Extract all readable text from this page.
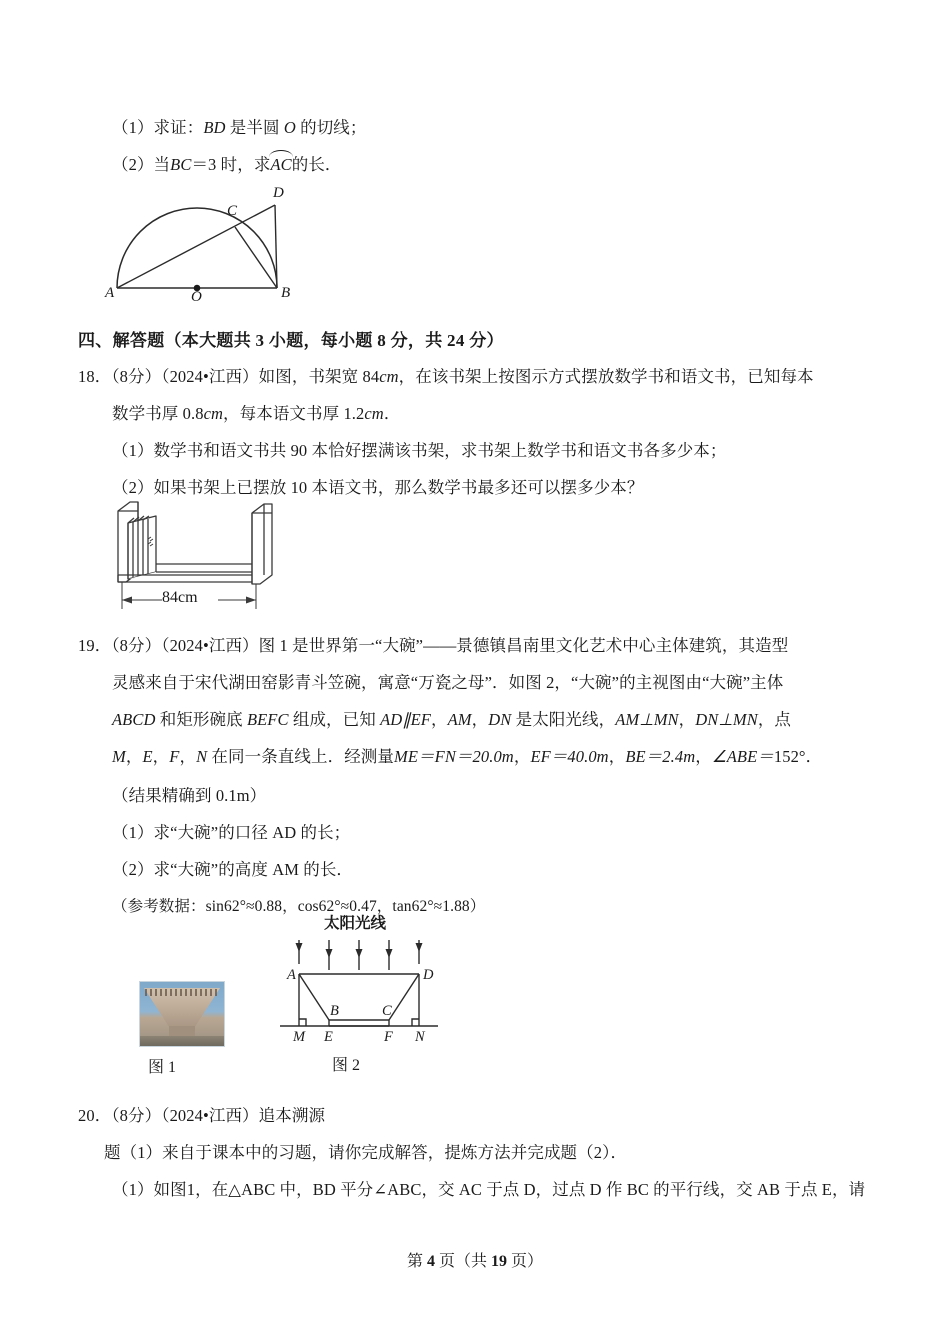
（1）求证：BD 是半圆 O 的切线；
（2）当BC＝3 时，求
AC的长．
A	O	B
C
D
四、解答题（本大题共 3 小题，每小题 8 分，共 24 分）
18．（8分）（2024•江西）如图，书架宽 84cm，在该书架上按图示方式摆放数学书和语文书，已知每本
数学书厚 0.8cm，每本语文书厚 1.2cm．
（1）数学书和语文书共 90 本恰好摆满该书架，求书架上数学书和语文书各多少本；
（2）如果书架上已摆放 10 本语文书，那么数学书最多还可以摆多少本？
84cm
19．（8分）（2024•江西）图 1 是世界第一“大碗”——景德镇昌南里文化艺术中心主体建筑，其造型
灵感来自于宋代湖田窑影青斗笠碗，寓意“万瓷之母”．如图 2，“大碗”的主视图由“大碗”主体
ABCD 和矩形碗底 BEFC 组成，已知 AD∥EF，AM，DN 是太阳光线，AM⊥MN，DN⊥MN，点
M，E，F，N 在同一条直线上．经测量ME＝FN＝20.0m，EF＝40.0m，BE＝2.4m，∠ABE＝152°．
（结果精确到 0.1m）
（1）求“大碗”的口径 AD 的长；
（2）求“大碗”的高度 AM 的长．
（参考数据：sin62°≈0.88，cos62°≈0.47，tan62°≈1.88）
图 1
太阳光线
A	D
B	C
M E	F N
图 2
20．（8分）（2024•江西）追本溯源
题（1）来自于课本中的习题，请你完成解答，提炼方法并完成题（2）．
（1）如图1，在△ABC 中，BD 平分∠ABC，交 AC 于点 D，过点 D 作 BC 的平行线，交 AB 于点 E，请
第 4 页（共 19 页）
